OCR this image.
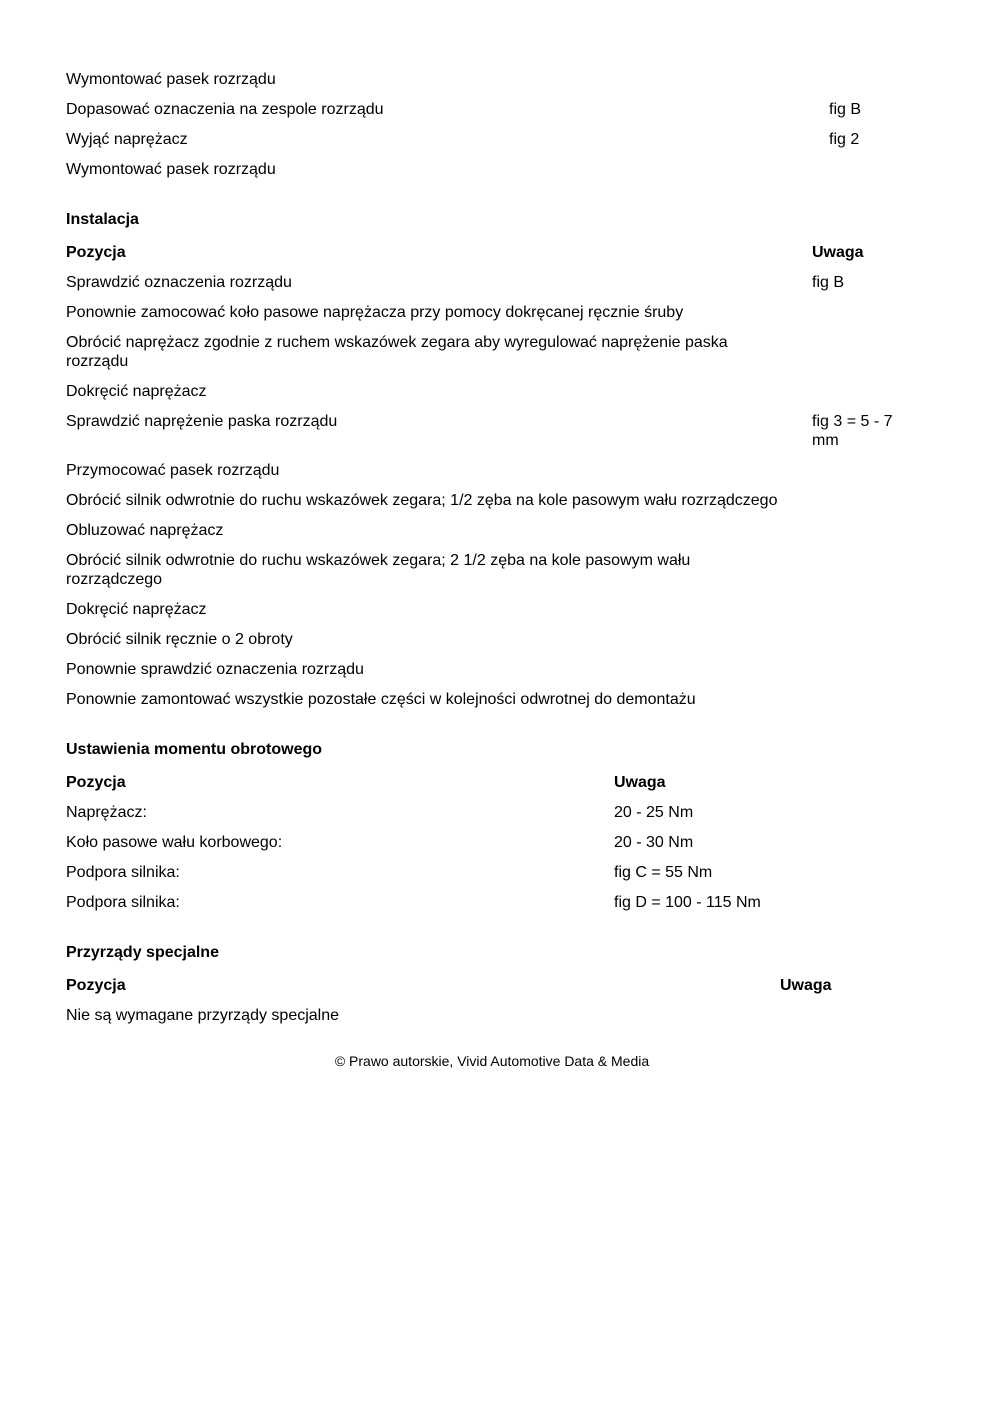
Wymontować pasek rozrządu
Dopasować oznaczenia na zespole rozrządu	fig B
Wyjąć naprężacz	fig 2
Wymontować pasek rozrządu
Instalacja
Pozycja	Uwaga
Sprawdzić oznaczenia rozrządu	fig B
Ponownie zamocować koło pasowe naprężacza przy pomocy dokręcanej ręcznie śruby
Obrócić naprężacz zgodnie z ruchem wskazówek zegara aby wyregulować naprężenie paska
rozrządu
Dokręcić naprężacz
Sprawdzić naprężenie paska rozrządu	fig 3 = 5 - 7
mm
Przymocować pasek rozrządu
Obrócić silnik odwrotnie do ruchu wskazówek zegara; 1/2 zęba na kole pasowym wału rozrządczego
Obluzować naprężacz
Obrócić silnik odwrotnie do ruchu wskazówek zegara; 2 1/2 zęba na kole pasowym wału
rozrządczego
Dokręcić naprężacz
Obrócić silnik ręcznie o 2 obroty
Ponownie sprawdzić oznaczenia rozrządu
Ponownie zamontować wszystkie pozostałe części w kolejności odwrotnej do demontażu
Ustawienia momentu obrotowego
Pozycja	Uwaga
Naprężacz:	20 - 25 Nm
Koło pasowe wału korbowego:	20 - 30 Nm
Podpora silnika:	fig C = 55 Nm
Podpora silnika:	fig D = 100 - 115 Nm
Przyrządy specjalne
Pozycja	Uwaga
Nie są wymagane przyrządy specjalne
© Prawo autorskie, Vivid Automotive Data & Media
